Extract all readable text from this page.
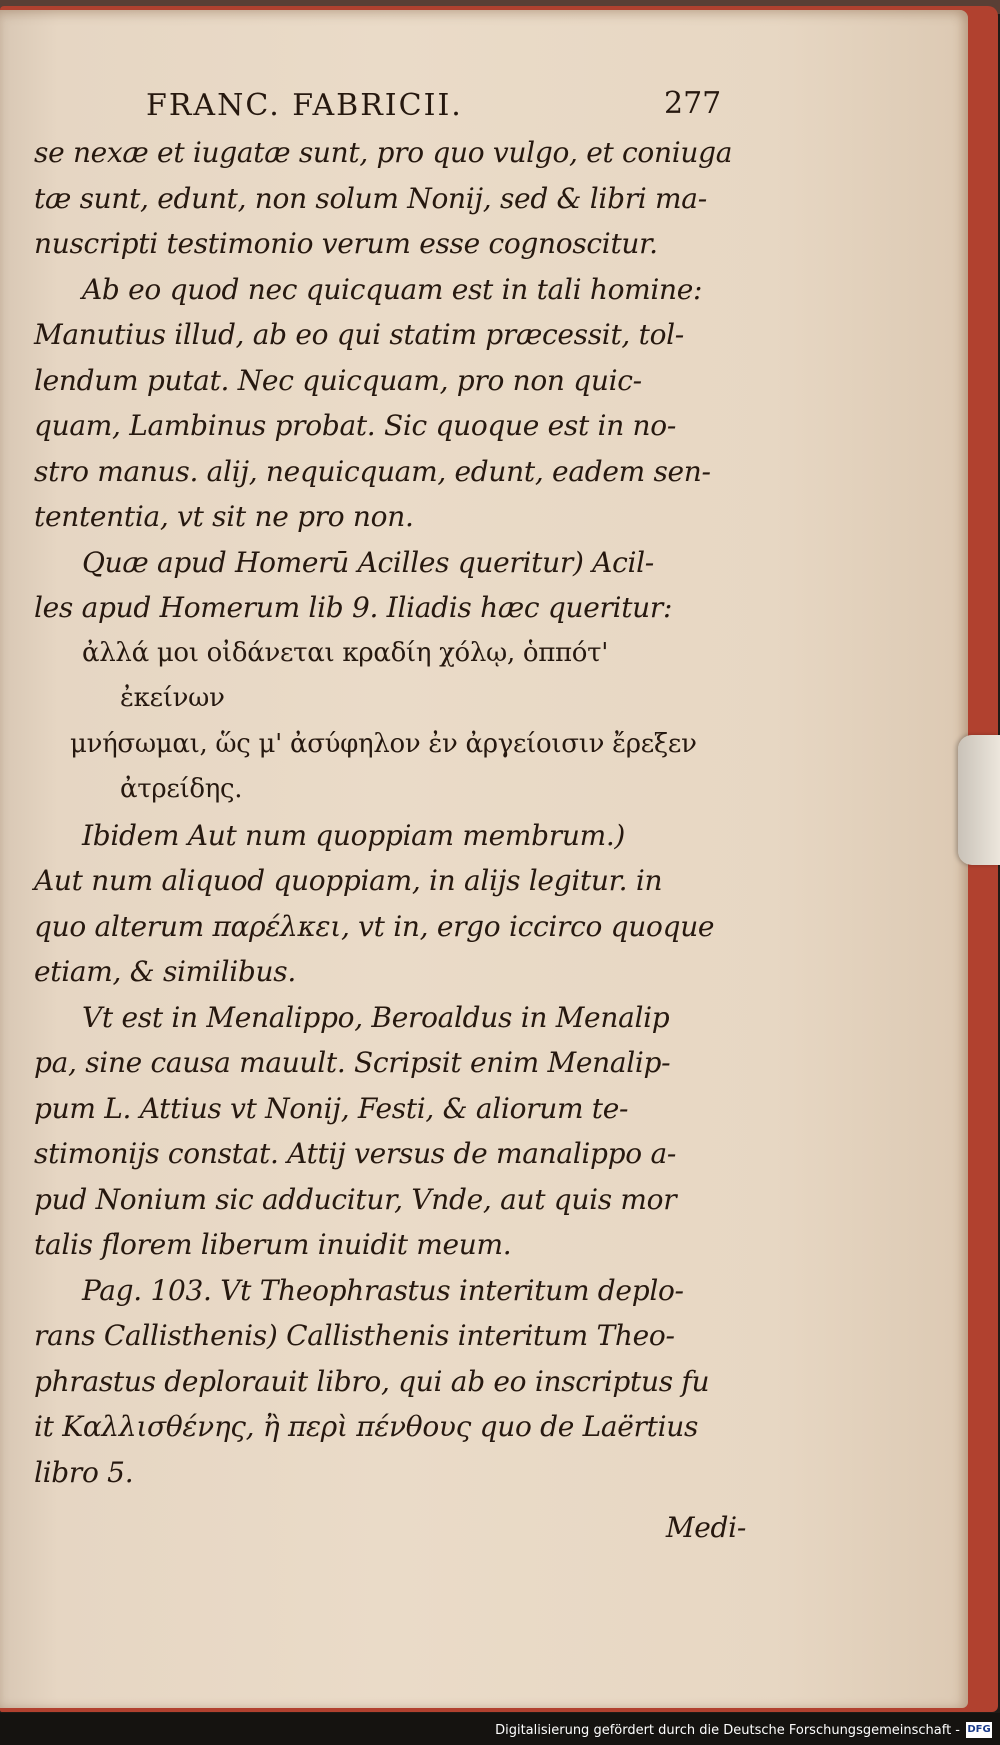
FRANC. FABRICII.	277
se nexæ et iugatæ sunt, pro quo vulgo, et coniuga
tæ sunt, edunt, non solum Nonij, sed & libri ma-
nuscripti testimonio verum esse cognoscitur.
Ab eo quod nec quicquam est in tali homine:
Manutius illud, ab eo qui statim præcessit, tol-
lendum putat. Nec quicquam, pro non quic-
quam, Lambinus probat. Sic quoque est in no-
stro manus. alij, nequicquam, edunt, eadem sen-
tententia, vt sit ne pro non.
Quæ apud Homerū Acilles queritur) Acil-
les apud Homerum lib 9. Iliadis hæc queritur:
ἀλλά μοι οἰδάνεται κραδίη χόλῳ, ὁππότ'
ἐκείνων
μνήσωμαι, ὥς μ' ἀσύφηλον ἐν ἀργείοισιν ἔρεξεν
ἀτρείδης.
Ibidem Aut num quoppiam membrum.)
Aut num aliquod quoppiam, in alijs legitur. in
quo alterum παρέλκει, vt in, ergo iccirco quoque
etiam, & similibus.
Vt est in Menalippo, Beroaldus in Menalip
pa, sine causa mauult. Scripsit enim Menalip-
pum L. Attius vt Nonij, Festi, & aliorum te-
stimonijs constat. Attij versus de manalippo a-
pud Nonium sic adducitur, Vnde, aut quis mor
talis florem liberum inuidit meum.
Pag. 103. Vt Theophrastus interitum deplo-
rans Callisthenis) Callisthenis interitum Theo-
phrastus deplorauit libro, qui ab eo inscriptus fu
it Καλλισθένης, ἢ περὶ πένθους quo de Laërtius
libro 5.
Medi-
Digitalisierung gefördert durch die Deutsche Forschungsgemeinschaft - DFG
